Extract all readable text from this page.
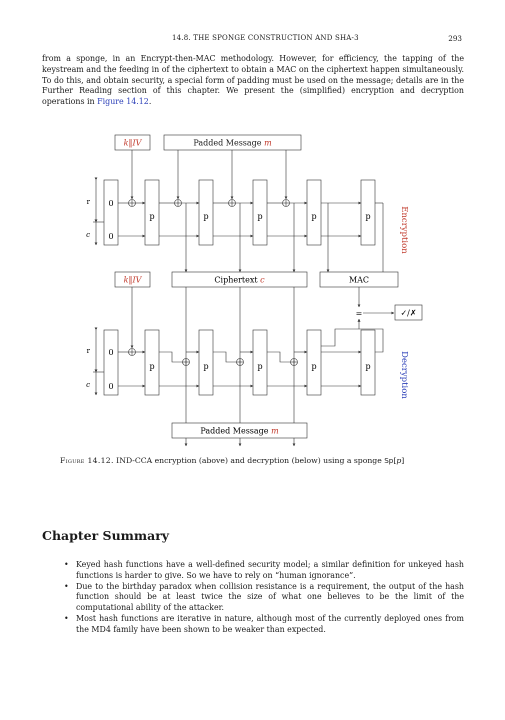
14.8. THE SPONGE CONSTRUCTION AND SHA-3	293

from a sponge, in an Encrypt-then-MAC methodology. However, for efficiency, the tapping of the keystream and the feeding in of the ciphertext to obtain a MAC on the ciphertext happen simultaneously. To do this, and obtain security, a special form of padding must be used on the message; details are in the Further Reading section of this chapter. We present the (simplified) encryption and decryption operations in Figure 14.12.

k‖IV	Padded Message m
r
c
0
0
p	p	p	p	p	Encryption
k‖IV	Ciphertext c	MAC
=	✓/✗
r
c
0
0
p	p	p	p	p	Decryption
Padded Message m

Figure 14.12. IND-CCA encryption (above) and decryption (below) using a sponge Sp[p]

Chapter Summary
• Keyed hash functions have a well-defined security model; a similar definition for unkeyed hash functions is harder to give. So we have to rely on “human ignorance”.
• Due to the birthday paradox when collision resistance is a requirement, the output of the hash function should be at least twice the size of what one believes to be the limit of the computational ability of the attacker.
• Most hash functions are iterative in nature, although most of the currently deployed ones from the MD4 family have been shown to be weaker than expected.
